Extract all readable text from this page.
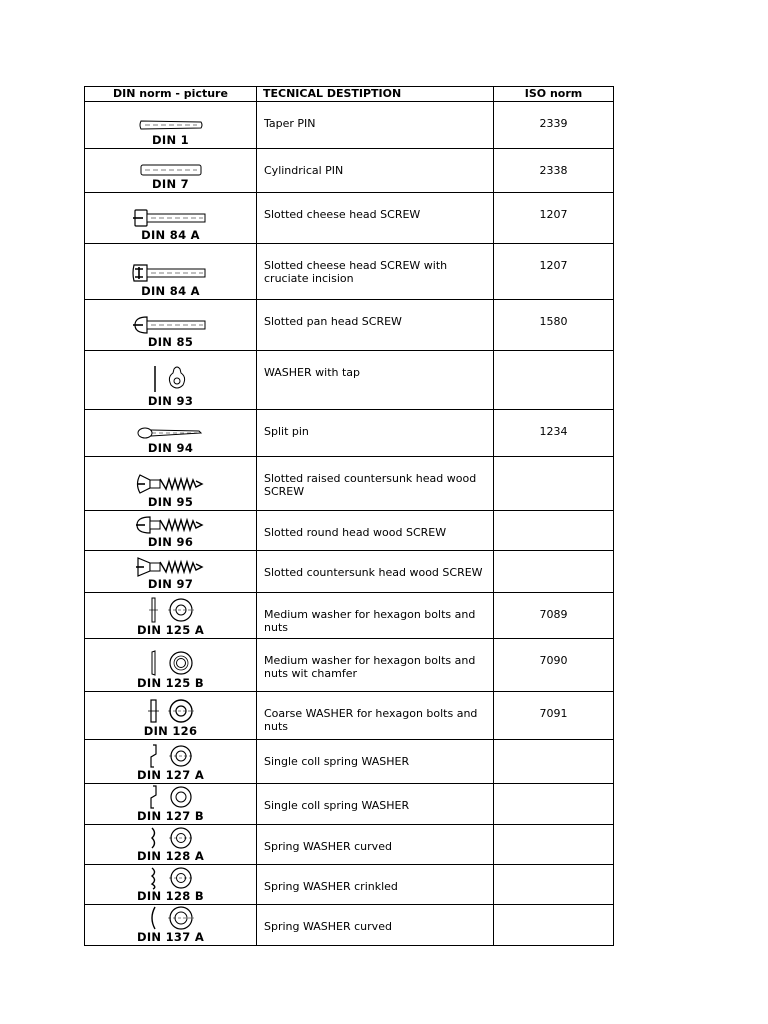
DIN norm - picture	TECNICAL DESTIPTION	ISO norm

DIN 1	Taper PIN	2339

DIN 7	Cylindrical PIN	2338

DIN 84 A	Slotted cheese head SCREW	1207

DIN 84 A	Slotted cheese head SCREW with cruciate incision	1207

DIN 85	Slotted pan head SCREW	1580

DIN 93	WASHER with tap	

DIN 94	Split pin	1234

DIN 95	Slotted raised countersunk head wood SCREW	

DIN 96	Slotted round head wood SCREW	

DIN 97	Slotted countersunk head wood SCREW	

DIN 125 A	Medium washer for hexagon bolts and nuts	7089

DIN 125 B	Medium washer for hexagon bolts and nuts wit chamfer	7090

DIN 126	Coarse WASHER for hexagon bolts and nuts	7091

DIN 127 A	Single coll spring WASHER	

DIN 127 B	Single coll spring WASHER	

DIN 128 A	Spring WASHER curved	

DIN 128 B	Spring WASHER crinkled	

DIN 137 A	Spring WASHER curved	
